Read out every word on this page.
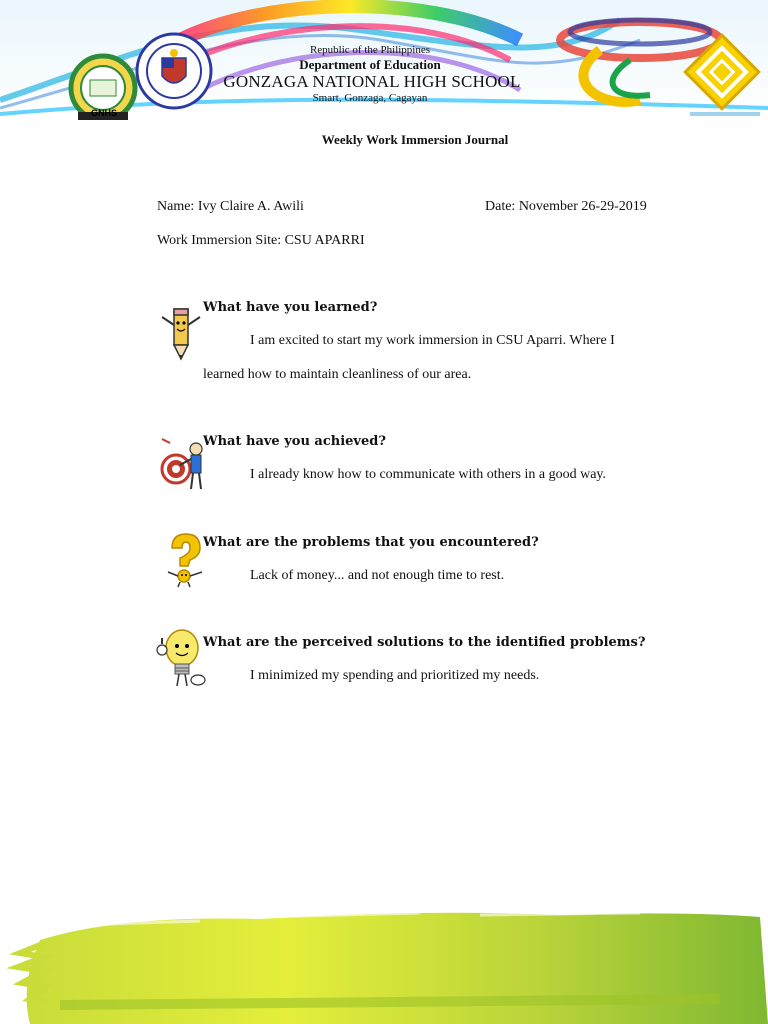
GNHS
Republic of the Philippines
Department of Education
GONZAGA NATIONAL HIGH SCHOOL
Smart, Gonzaga, Cagayan
Weekly Work Immersion Journal
Name: Ivy Claire A. Awili	Date: November 26-29-2019
Work Immersion Site: CSU APARRI
What have you learned?
I am excited to start my work immersion in CSU Aparri. Where I
learned how to maintain cleanliness of our area.
What have you achieved?
I already know how to communicate with others in a good way.
What are the problems that you encountered?
Lack of money... and not enough time to rest.
What are the perceived solutions to the identified problems?
I minimized my spending and prioritized my needs.
